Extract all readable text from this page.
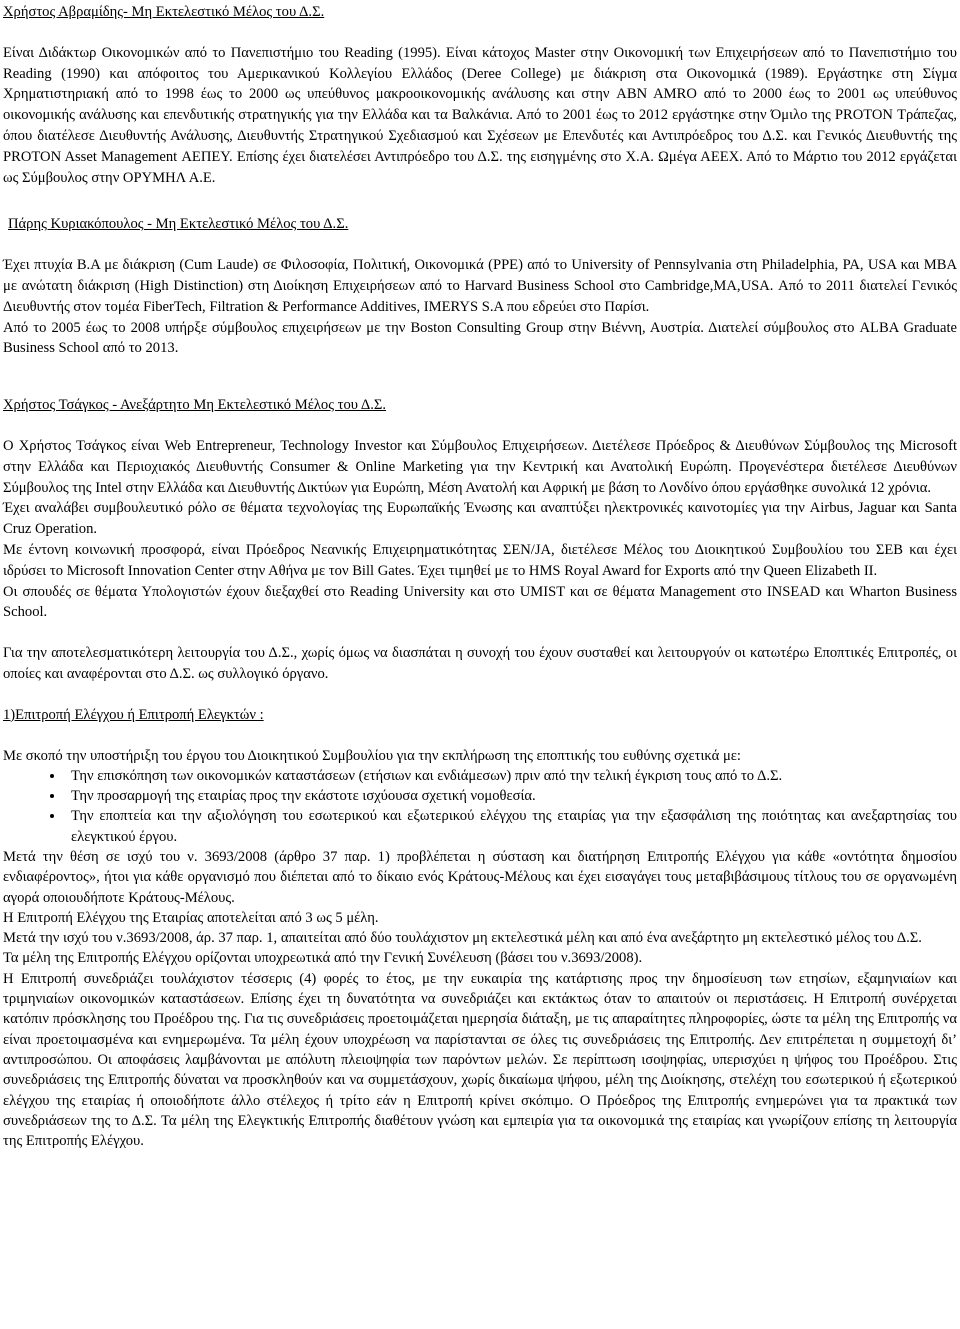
Χρήστος Αβραμίδης- Μη Εκτελεστικό Μέλος του Δ.Σ.

Είναι Διδάκτωρ Οικονομικών από το Πανεπιστήμιο του Reading (1995). Είναι κάτοχος Master στην Οικονομική των Επιχειρήσεων από το Πανεπιστήμιο του Reading (1990) και απόφοιτος του Αμερικανικού Κολλεγίου Ελλάδος (Deree College) με διάκριση στα Οικονομικά (1989). Εργάστηκε στη Σίγμα Χρηματιστηριακή από το 1998 έως το 2000 ως υπεύθυνος μακροοικονομικής ανάλυσης και στην ABN AMRO από το 2000 έως το 2001 ως υπεύθυνος οικονομικής ανάλυσης και επενδυτικής στρατηγικής για την Ελλάδα και τα Βαλκάνια. Από το 2001 έως το 2012 εργάστηκε στην Όμιλο της PROTON Τράπεζας, όπου διατέλεσε Διευθυντής Ανάλυσης, Διευθυντής Στρατηγικού Σχεδιασμού και Σχέσεων με Επενδυτές και Αντιπρόεδρος του Δ.Σ. και Γενικός Διευθυντής της PROTON Asset Management ΑΕΠΕΥ. Επίσης έχει διατελέσει Αντιπρόεδρο του Δ.Σ. της εισηγμένης στο Χ.Α. Ωμέγα ΑΕΕΧ. Από το Μάρτιο του 2012 εργάζεται ως Σύμβουλος στην ΟΡΥΜΗΛ Α.Ε.

Πάρης Κυριακόπουλος - Μη Εκτελεστικό Μέλος του Δ.Σ.

Έχει πτυχία B.A με διάκριση (Cum Laude) σε Φιλοσοφία, Πολιτική, Οικονομικά (PPE) από το University of Pennsylvania στη Philadelphia, PA, USA και MBA με ανώτατη διάκριση (High Distinction) στη Διοίκηση Επιχειρήσεων από το Harvard Business School στο Cambridge,MA,USA. Από το 2011 διατελεί Γενικός Διευθυντής στον τομέα FiberTech, Filtration & Performance Additives, IMERYS S.A που εδρεύει στο Παρίσι.

Από το 2005 έως το 2008 υπήρξε σύμβουλος επιχειρήσεων με την Boston Consulting Group στην Βιέννη, Αυστρία. Διατελεί σύμβουλος στο ALBA Graduate Business School από το 2013.

Χρήστος Τσάγκος - Ανεξάρτητο Μη Εκτελεστικό Μέλος του Δ.Σ.

Ο Χρήστος Τσάγκος είναι Web Entrepreneur, Technology Investor και Σύμβουλος Επιχειρήσεων. Διετέλεσε Πρόεδρος & Διευθύνων Σύμβουλος της Microsoft στην Ελλάδα και Περιοχιακός Διευθυντής Consumer & Online Marketing για την Κεντρική και Ανατολική Ευρώπη. Προγενέστερα διετέλεσε Διευθύνων Σύμβουλος της Intel στην Ελλάδα και Διευθυντής Δικτύων για Ευρώπη, Μέση Ανατολή και Αφρική με βάση το Λονδίνο όπου εργάσθηκε συνολικά 12 χρόνια.

Έχει αναλάβει συμβουλευτικό ρόλο σε θέματα τεχνολογίας της Ευρωπαϊκής Ένωσης και αναπτύξει ηλεκτρονικές καινοτομίες για την Airbus, Jaguar και Santa Cruz Operation.

Με έντονη κοινωνική προσφορά, είναι Πρόεδρος Νεανικής Επιχειρηματικότητας ΣΕΝ/JA, διετέλεσε Μέλος του Διοικητικού Συμβουλίου του ΣΕΒ και έχει ιδρύσει το Microsoft Innovation Center στην Αθήνα με τον Bill Gates. Έχει τιμηθεί με το HMS Royal Award for Exports από την Queen Elizabeth II.

Οι σπουδές σε θέματα Υπολογιστών έχουν διεξαχθεί στο Reading University και στο UMIST και σε θέματα Management στο INSEAD και Wharton Business School.

Για την αποτελεσματικότερη λειτουργία του Δ.Σ., χωρίς όμως να διασπάται η συνοχή του έχουν συσταθεί και λειτουργούν οι κατωτέρω Εποπτικές Επιτροπές, οι οποίες και αναφέρονται στο Δ.Σ. ως συλλογικό όργανο.

1)Επιτροπή Ελέγχου ή Επιτροπή Ελεγκτών :

Με σκοπό την υποστήριξη του έργου του Διοικητικού Συμβουλίου για την εκπλήρωση της εποπτικής του ευθύνης σχετικά με:

• Την επισκόπηση των οικονομικών καταστάσεων (ετήσιων και ενδιάμεσων) πριν από την τελική έγκριση τους από το Δ.Σ.
• Την προσαρμογή της εταιρίας προς την εκάστοτε ισχύουσα σχετική νομοθεσία.
• Την εποπτεία και την αξιολόγηση του εσωτερικού και εξωτερικού ελέγχου της εταιρίας για την εξασφάλιση της ποιότητας και ανεξαρτησίας του ελεγκτικού έργου.

Μετά την θέση σε ισχύ του ν. 3693/2008 (άρθρο 37 παρ. 1) προβλέπεται η σύσταση και διατήρηση Επιτροπής Ελέγχου για κάθε «οντότητα δημοσίου ενδιαφέροντος», ήτοι για κάθε οργανισμό που διέπεται από το δίκαιο ενός Κράτους-Μέλους και έχει εισαγάγει τους μεταβιβάσιμους τίτλους του σε οργανωμένη αγορά οποιουδήποτε Κράτους-Μέλους.

Η Επιτροπή Ελέγχου της Εταιρίας αποτελείται από 3 ως 5 μέλη.

Μετά την ισχύ του ν.3693/2008, άρ. 37 παρ. 1, απαιτείται από δύο τουλάχιστον μη εκτελεστικά μέλη και από ένα ανεξάρτητο μη εκτελεστικό μέλος του Δ.Σ.

Τα μέλη της Επιτροπής Ελέγχου ορίζονται υποχρεωτικά από την Γενική Συνέλευση (βάσει του ν.3693/2008).

Η Επιτροπή συνεδριάζει τουλάχιστον τέσσερις (4) φορές το έτος, με την ευκαιρία της κατάρτισης προς την δημοσίευση των ετησίων, εξαμηνιαίων και τριμηνιαίων οικονομικών καταστάσεων. Επίσης έχει τη δυνατότητα να συνεδριάζει και εκτάκτως όταν το απαιτούν οι περιστάσεις. Η Επιτροπή συνέρχεται κατόπιν πρόσκλησης του Προέδρου της. Για τις συνεδριάσεις προετοιμάζεται ημερησία διάταξη, με τις απαραίτητες πληροφορίες, ώστε τα μέλη της Επιτροπής να είναι προετοιμασμένα και ενημερωμένα. Τα μέλη έχουν υποχρέωση να παρίστανται σε όλες τις συνεδριάσεις της Επιτροπής. Δεν επιτρέπεται η συμμετοχή δι’ αντιπροσώπου. Οι αποφάσεις λαμβάνονται με απόλυτη πλειοψηφία των παρόντων μελών. Σε περίπτωση ισοψηφίας, υπερισχύει η ψήφος του Προέδρου. Στις συνεδριάσεις της Επιτροπής δύναται να προσκληθούν και να συμμετάσχουν, χωρίς δικαίωμα ψήφου, μέλη της Διοίκησης, στελέχη του εσωτερικού ή εξωτερικού ελέγχου της εταιρίας ή οποιοδήποτε άλλο στέλεχος ή τρίτο εάν η Επιτροπή κρίνει σκόπιμο. Ο Πρόεδρος της Επιτροπής ενημερώνει για τα πρακτικά των συνεδριάσεων της το Δ.Σ. Τα μέλη της Ελεγκτικής Επιτροπής διαθέτουν γνώση και εμπειρία για τα οικονομικά της εταιρίας και γνωρίζουν επίσης τη λειτουργία της Επιτροπής Ελέγχου.
